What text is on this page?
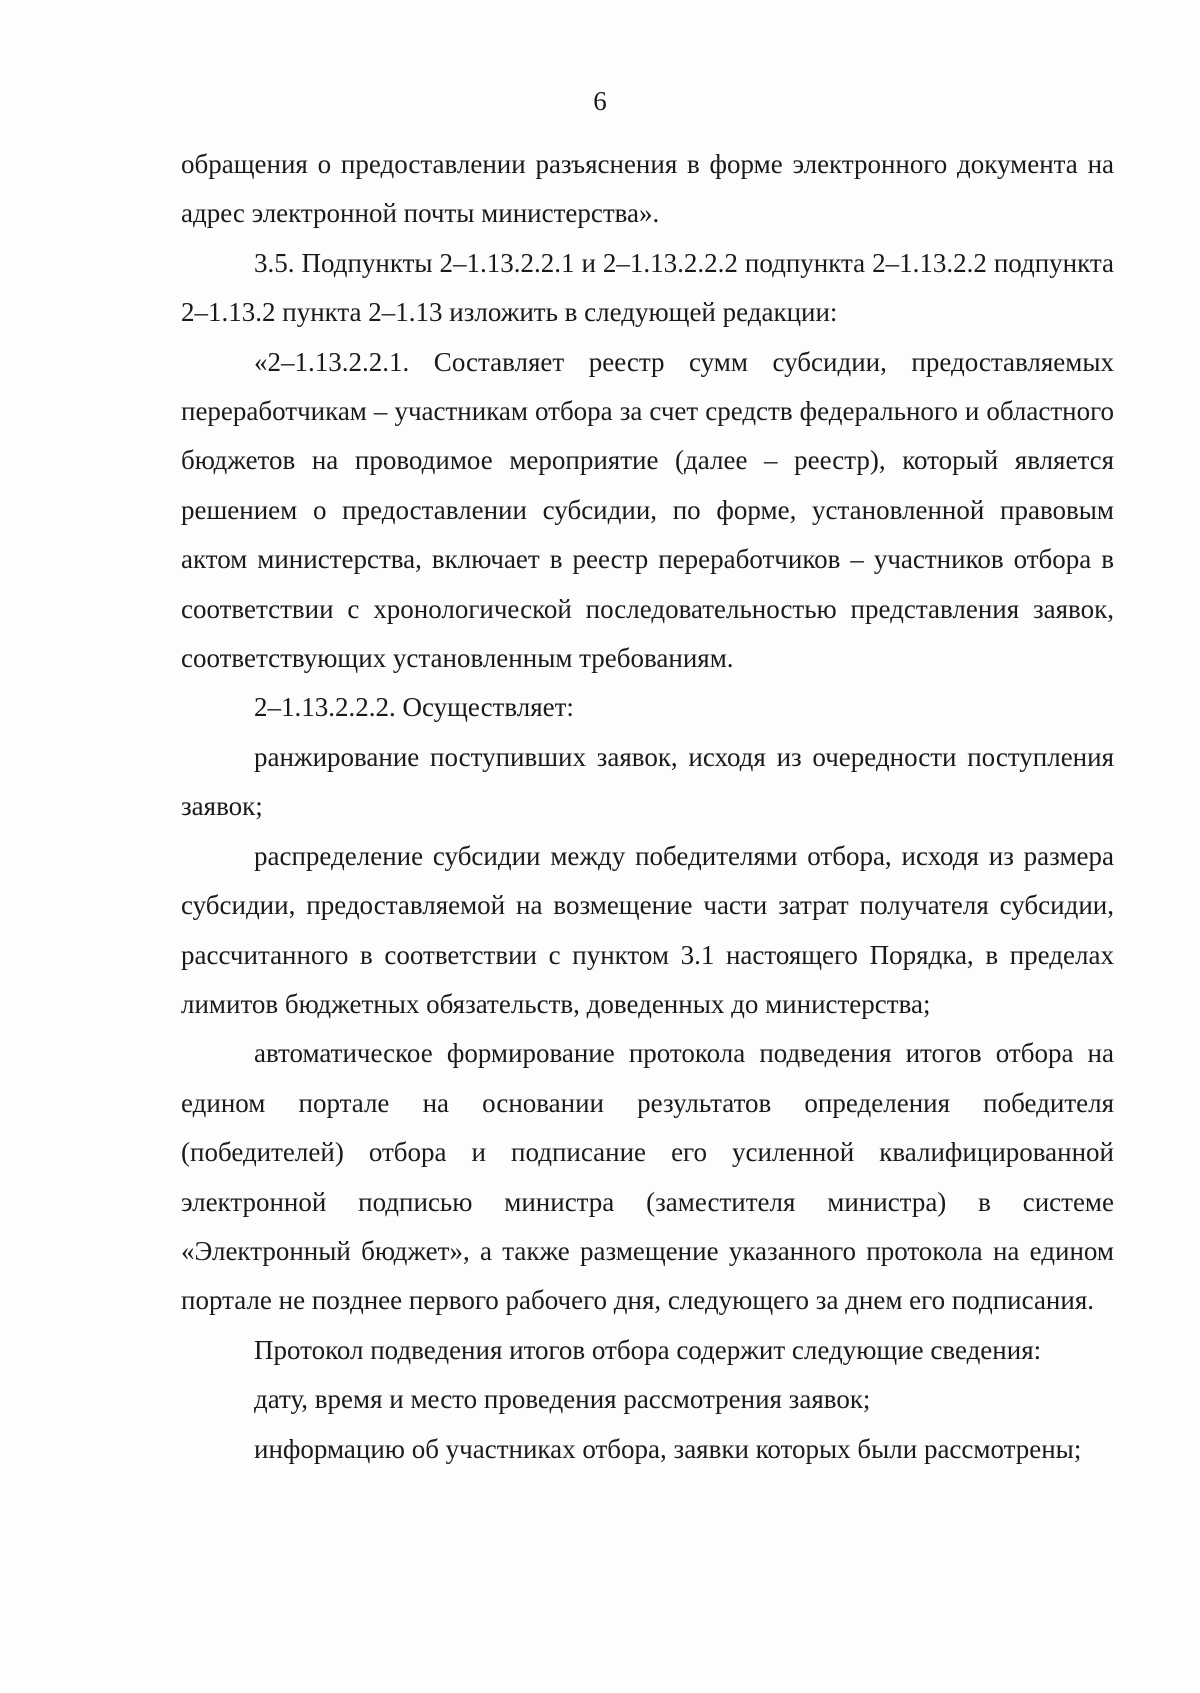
6

обращения о предоставлении разъяснения в форме электронного документа на адрес электронной почты министерства».

3.5. Подпункты 2–1.13.2.2.1 и 2–1.13.2.2.2 подпункта 2–1.13.2.2 подпункта 2–1.13.2 пункта 2–1.13 изложить в следующей редакции:

«2–1.13.2.2.1. Составляет реестр сумм субсидии, предоставляемых переработчикам – участникам отбора за счет средств федерального и областного бюджетов на проводимое мероприятие (далее – реестр), который является решением о предоставлении субсидии, по форме, установленной правовым актом министерства, включает в реестр переработчиков – участников отбора в соответствии с хронологической последовательностью представления заявок, соответствующих установленным требованиям.

2–1.13.2.2.2. Осуществляет:

ранжирование поступивших заявок, исходя из очередности поступления заявок;

распределение субсидии между победителями отбора, исходя из размера субсидии, предоставляемой на возмещение части затрат получателя субсидии, рассчитанного в соответствии с пунктом 3.1 настоящего Порядка, в пределах лимитов бюджетных обязательств, доведенных до министерства;

автоматическое формирование протокола подведения итогов отбора на едином портале на основании результатов определения победителя (победителей) отбора и подписание его усиленной квалифицированной электронной подписью министра (заместителя министра) в системе «Электронный бюджет», а также размещение указанного протокола на едином портале не позднее первого рабочего дня, следующего за днем его подписания.

Протокол подведения итогов отбора содержит следующие сведения:

дату, время и место проведения рассмотрения заявок;

информацию об участниках отбора, заявки которых были рассмотрены;
